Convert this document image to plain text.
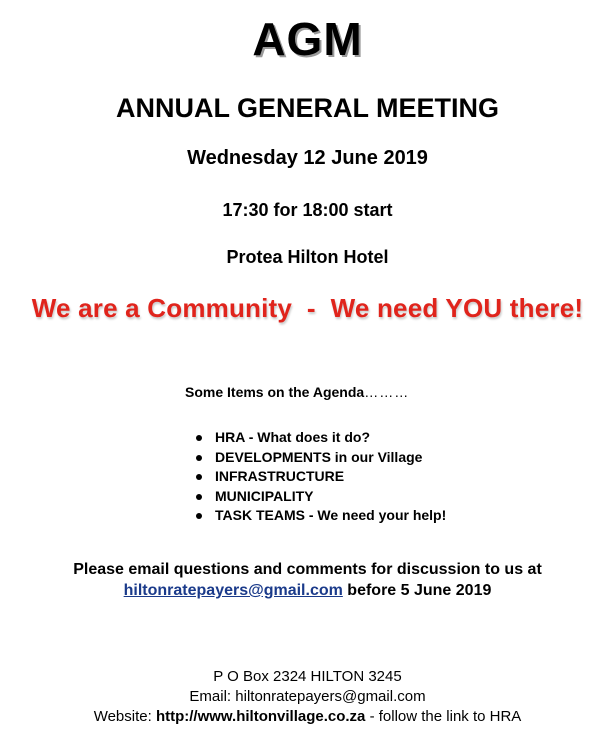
AGM
ANNUAL GENERAL MEETING
Wednesday 12 June 2019
17:30 for 18:00 start
Protea Hilton Hotel
We are a Community  -  We need YOU there!
Some Items on the Agenda………
HRA - What does it do?
DEVELOPMENTS in our Village
INFRASTRUCTURE
MUNICIPALITY
TASK TEAMS - We need your help!
Please email questions and comments for discussion to us at
hiltonratepayers@gmail.com before 5 June 2019
P O Box 2324 HILTON 3245
Email: hiltonratepayers@gmail.com
Website: http://www.hiltonvillage.co.za - follow the link to HRA
